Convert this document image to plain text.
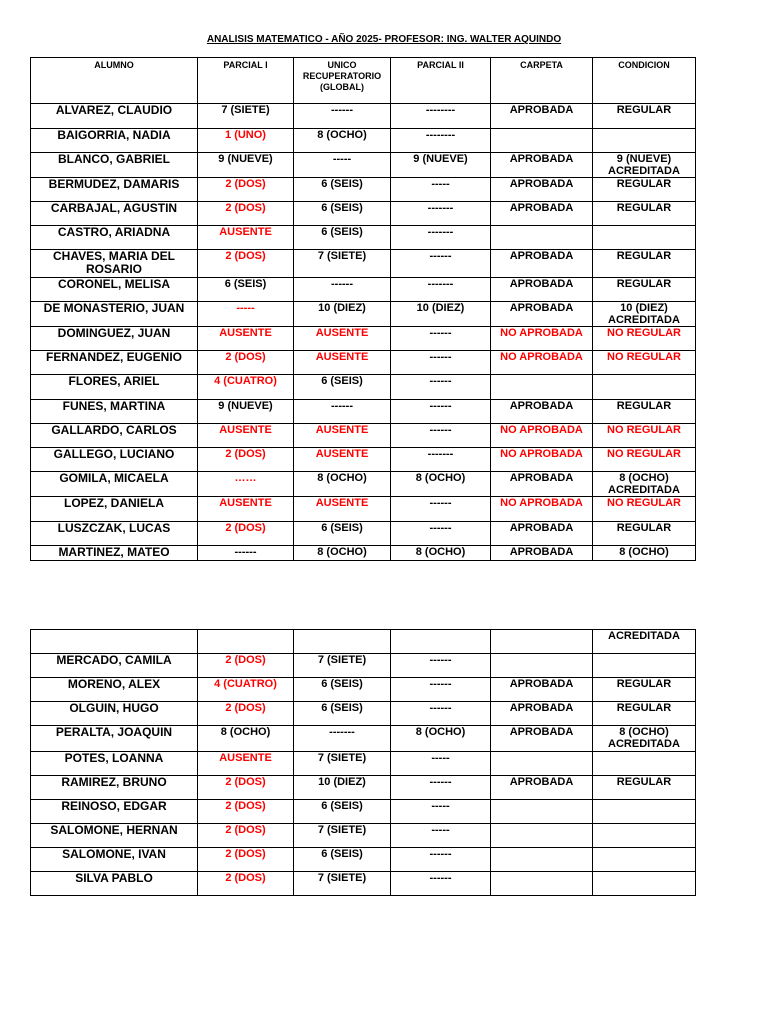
ANALISIS MATEMATICO - AÑO 2025- PROFESOR: ING. WALTER AQUINDO
ALUMNO	PARCIAL I	UNICO RECUPERATORIO (GLOBAL)	PARCIAL II	CARPETA	CONDICION
ALVAREZ, CLAUDIO	7 (SIETE)	------	--------	APROBADA	REGULAR
BAIGORRIA, NADIA	1 (UNO)	8 (OCHO)	--------		
BLANCO, GABRIEL	9 (NUEVE)	-----	9 (NUEVE)	APROBADA	9 (NUEVE) ACREDITADA
BERMUDEZ, DAMARIS	2 (DOS)	6 (SEIS)	-----	APROBADA	REGULAR
CARBAJAL, AGUSTIN	2 (DOS)	6 (SEIS)	-------	APROBADA	REGULAR
CASTRO, ARIADNA	AUSENTE	6 (SEIS)	-------		
CHAVES, MARIA DEL ROSARIO	2 (DOS)	7 (SIETE)	------	APROBADA	REGULAR
CORONEL, MELISA	6 (SEIS)	------	-------	APROBADA	REGULAR
DE MONASTERIO, JUAN	-----	10 (DIEZ)	10 (DIEZ)	APROBADA	10 (DIEZ) ACREDITADA
DOMINGUEZ, JUAN	AUSENTE	AUSENTE	------	NO APROBADA	NO REGULAR
FERNANDEZ, EUGENIO	2 (DOS)	AUSENTE	------	NO APROBADA	NO REGULAR
FLORES, ARIEL	4 (CUATRO)	6 (SEIS)	------		
FUNES, MARTINA	9 (NUEVE)	------	------	APROBADA	REGULAR
GALLARDO, CARLOS	AUSENTE	AUSENTE	------	NO APROBADA	NO REGULAR
GALLEGO, LUCIANO	2 (DOS)	AUSENTE	-------	NO APROBADA	NO REGULAR
GOMILA, MICAELA	……	8 (OCHO)	8 (OCHO)	APROBADA	8 (OCHO) ACREDITADA
LOPEZ, DANIELA	AUSENTE	AUSENTE	------	NO APROBADA	NO REGULAR
LUSZCZAK, LUCAS	2 (DOS)	6 (SEIS)	------	APROBADA	REGULAR
MARTINEZ, MATEO	------	8 (OCHO)	8 (OCHO)	APROBADA	8 (OCHO)
					ACREDITADA
MERCADO, CAMILA	2 (DOS)	7 (SIETE)	------		
MORENO, ALEX	4 (CUATRO)	6 (SEIS)	------	APROBADA	REGULAR
OLGUIN, HUGO	2 (DOS)	6 (SEIS)	------	APROBADA	REGULAR
PERALTA, JOAQUIN	8 (OCHO)	-------	8 (OCHO)	APROBADA	8 (OCHO) ACREDITADA
POTES, LOANNA	AUSENTE	7 (SIETE)	-----		
RAMIREZ, BRUNO	2 (DOS)	10 (DIEZ)	------	APROBADA	REGULAR
REINOSO, EDGAR	2 (DOS)	6 (SEIS)	-----		
SALOMONE, HERNAN	2 (DOS)	7 (SIETE)	-----		
SALOMONE, IVAN	2 (DOS)	6 (SEIS)	------		
SILVA PABLO	2 (DOS)	7 (SIETE)	------		
